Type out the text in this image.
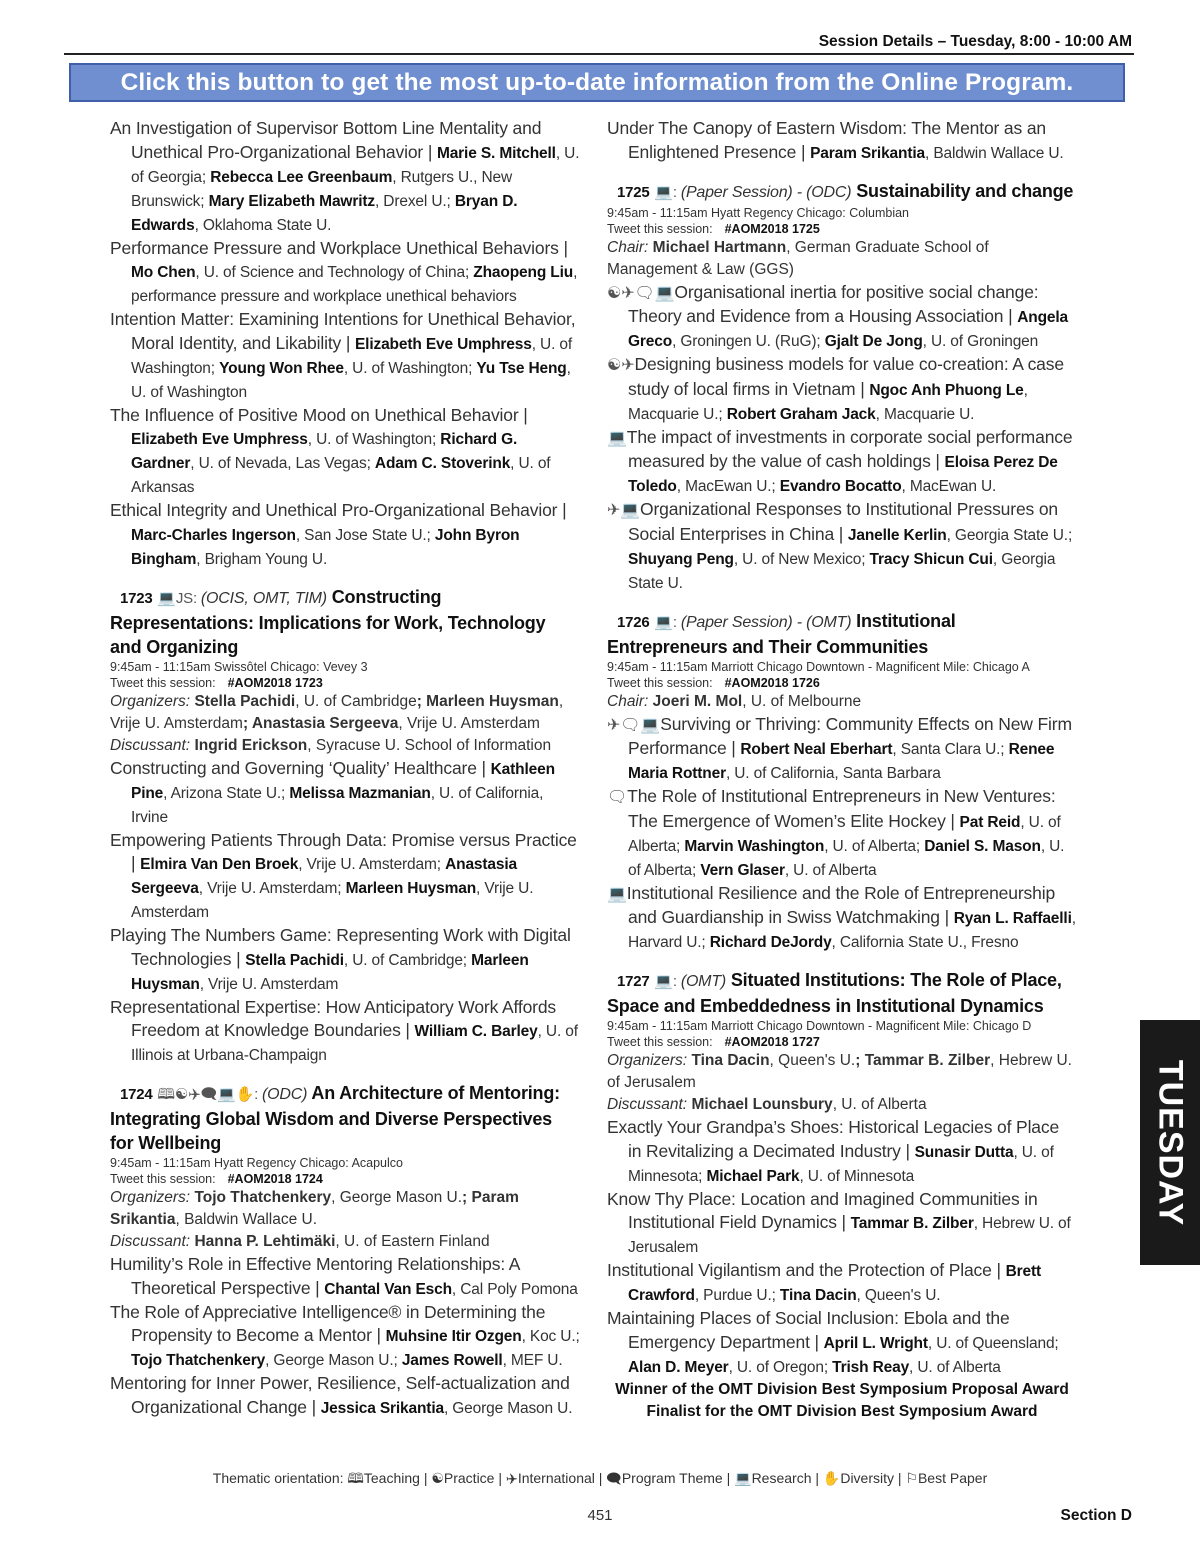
Session Details – Tuesday, 8:00 - 10:00 AM
Click this button to get the most up-to-date information from the Online Program.

An Investigation of Supervisor Bottom Line Mentality and Unethical Pro-Organizational Behavior | Marie S. Mitchell, U. of Georgia; Rebecca Lee Greenbaum, Rutgers U., New Brunswick; Mary Elizabeth Mawritz, Drexel U.; Bryan D. Edwards, Oklahoma State U.

Performance Pressure and Workplace Unethical Behaviors | Mo Chen, U. of Science and Technology of China; Zhaopeng Liu, performance pressure and workplace unethical behaviors

Intention Matter: Examining Intentions for Unethical Behavior, Moral Identity, and Likability | Elizabeth Eve Umphress, U. of Washington; Young Won Rhee, U. of Washington; Yu Tse Heng, U. of Washington

The Influence of Positive Mood on Unethical Behavior | Elizabeth Eve Umphress, U. of Washington; Richard G. Gardner, U. of Nevada, Las Vegas; Adam C. Stoverink, U. of Arkansas

Ethical Integrity and Unethical Pro-Organizational Behavior | Marc-Charles Ingerson, San Jose State U.; John Byron Bingham, Brigham Young U.

1723 💻JS: (OCIS, OMT, TIM) Constructing Representations: Implications for Work, Technology and Organizing

9:45am - 11:15am Swissôtel Chicago: Vevey 3
Tweet this session: #AOM2018 1723
Organizers: Stella Pachidi, U. of Cambridge; Marleen Huysman, Vrije U. Amsterdam; Anastasia Sergeeva, Vrije U. Amsterdam
Discussant: Ingrid Erickson, Syracuse U. School of Information

Constructing and Governing ‘Quality’ Healthcare | Kathleen Pine, Arizona State U.; Melissa Mazmanian, U. of California, Irvine

Empowering Patients Through Data: Promise versus Practice | Elmira Van Den Broek, Vrije U. Amsterdam; Anastasia Sergeeva, Vrije U. Amsterdam; Marleen Huysman, Vrije U. Amsterdam

Playing The Numbers Game: Representing Work with Digital Technologies | Stella Pachidi, U. of Cambridge; Marleen Huysman, Vrije U. Amsterdam

Representational Expertise: How Anticipatory Work Affords Freedom at Knowledge Boundaries | William C. Barley, U. of Illinois at Urbana-Champaign

1724 🕮☯✈🗨💻✋: (ODC) An Architecture of Mentoring: Integrating Global Wisdom and Diverse Perspectives for Wellbeing

9:45am - 11:15am Hyatt Regency Chicago: Acapulco
Tweet this session: #AOM2018 1724
Organizers: Tojo Thatchenkery, George Mason U.; Param Srikantia, Baldwin Wallace U.
Discussant: Hanna P. Lehtimäki, U. of Eastern Finland

Humility’s Role in Effective Mentoring Relationships: A Theoretical Perspective | Chantal Van Esch, Cal Poly Pomona

The Role of Appreciative Intelligence® in Determining the Propensity to Become a Mentor | Muhsine Itir Ozgen, Koc U.; Tojo Thatchenkery, George Mason U.; James Rowell, MEF U.

Mentoring for Inner Power, Resilience, Self-actualization and Organizational Change | Jessica Srikantia, George Mason U.

Under The Canopy of Eastern Wisdom: The Mentor as an Enlightened Presence | Param Srikantia, Baldwin Wallace U.

1725 💻: (Paper Session) - (ODC) Sustainability and change

9:45am - 11:15am Hyatt Regency Chicago: Columbian
Tweet this session: #AOM2018 1725
Chair: Michael Hartmann, German Graduate School of Management & Law (GGS)

☯✈🗨💻Organisational inertia for positive social change: Theory and Evidence from a Housing Association | Angela Greco, Groningen U. (RuG); Gjalt De Jong, U. of Groningen

☯✈Designing business models for value co-creation: A case study of local firms in Vietnam | Ngoc Anh Phuong Le, Macquarie U.; Robert Graham Jack, Macquarie U.

💻The impact of investments in corporate social performance measured by the value of cash holdings | Eloisa Perez De Toledo, MacEwan U.; Evandro Bocatto, MacEwan U.

✈💻Organizational Responses to Institutional Pressures on Social Enterprises in China | Janelle Kerlin, Georgia State U.; Shuyang Peng, U. of New Mexico; Tracy Shicun Cui, Georgia State U.

1726 💻: (Paper Session) - (OMT) Institutional Entrepreneurs and Their Communities

9:45am - 11:15am Marriott Chicago Downtown - Magnificent Mile: Chicago A
Tweet this session: #AOM2018 1726
Chair: Joeri M. Mol, U. of Melbourne

✈🗨💻Surviving or Thriving: Community Effects on New Firm Performance | Robert Neal Eberhart, Santa Clara U.; Renee Maria Rottner, U. of California, Santa Barbara

🗨The Role of Institutional Entrepreneurs in New Ventures: The Emergence of Women’s Elite Hockey | Pat Reid, U. of Alberta; Marvin Washington, U. of Alberta; Daniel S. Mason, U. of Alberta; Vern Glaser, U. of Alberta

💻Institutional Resilience and the Role of Entrepreneurship and Guardianship in Swiss Watchmaking | Ryan L. Raffaelli, Harvard U.; Richard DeJordy, California State U., Fresno

1727 💻: (OMT) Situated Institutions: The Role of Place, Space and Embeddedness in Institutional Dynamics

9:45am - 11:15am Marriott Chicago Downtown - Magnificent Mile: Chicago D
Tweet this session: #AOM2018 1727
Organizers: Tina Dacin, Queen's U.; Tammar B. Zilber, Hebrew U. of Jerusalem
Discussant: Michael Lounsbury, U. of Alberta

Exactly Your Grandpa’s Shoes: Historical Legacies of Place in Revitalizing a Decimated Industry | Sunasir Dutta, U. of Minnesota; Michael Park, U. of Minnesota

Know Thy Place: Location and Imagined Communities in Institutional Field Dynamics | Tammar B. Zilber, Hebrew U. of Jerusalem

Institutional Vigilantism and the Protection of Place | Brett Crawford, Purdue U.; Tina Dacin, Queen's U.

Maintaining Places of Social Inclusion: Ebola and the Emergency Department | April L. Wright, U. of Queensland; Alan D. Meyer, U. of Oregon; Trish Reay, U. of Alberta

Winner of the OMT Division Best Symposium Proposal Award
Finalist for the OMT Division Best Symposium Award
TUESDAY
Thematic orientation: 🕮Teaching | ☯Practice | ✈International | 🗨Program Theme | 💻Research | ✋Diversity | ⚐Best Paper
451	Section D
